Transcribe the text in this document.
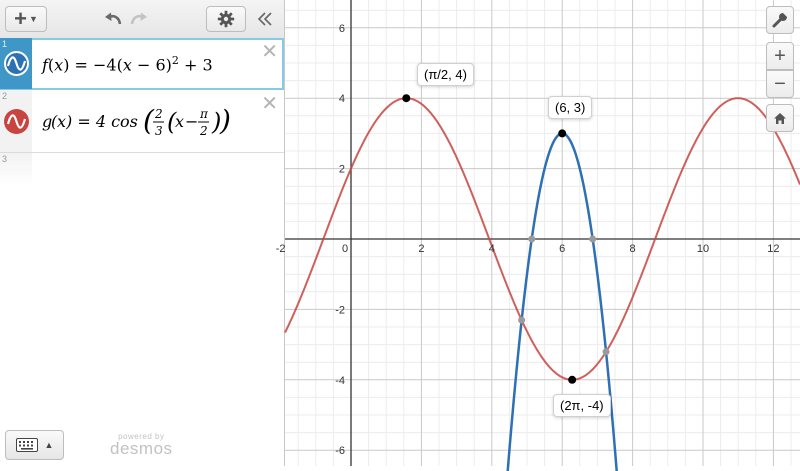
+ ▼
1
$f(x) = -4(x - 6)^2 + 3$
✕
2
g
( x ) = 4 cos ( 2
3 (
x − π
2 )
) ✕
3
▲
powered by
desmos
-2	0	2	4	6	8	10	12
6
4
2
-2
-4
-6
(π/2, 4)
(6, 3)
(2π, -4)
+
−
